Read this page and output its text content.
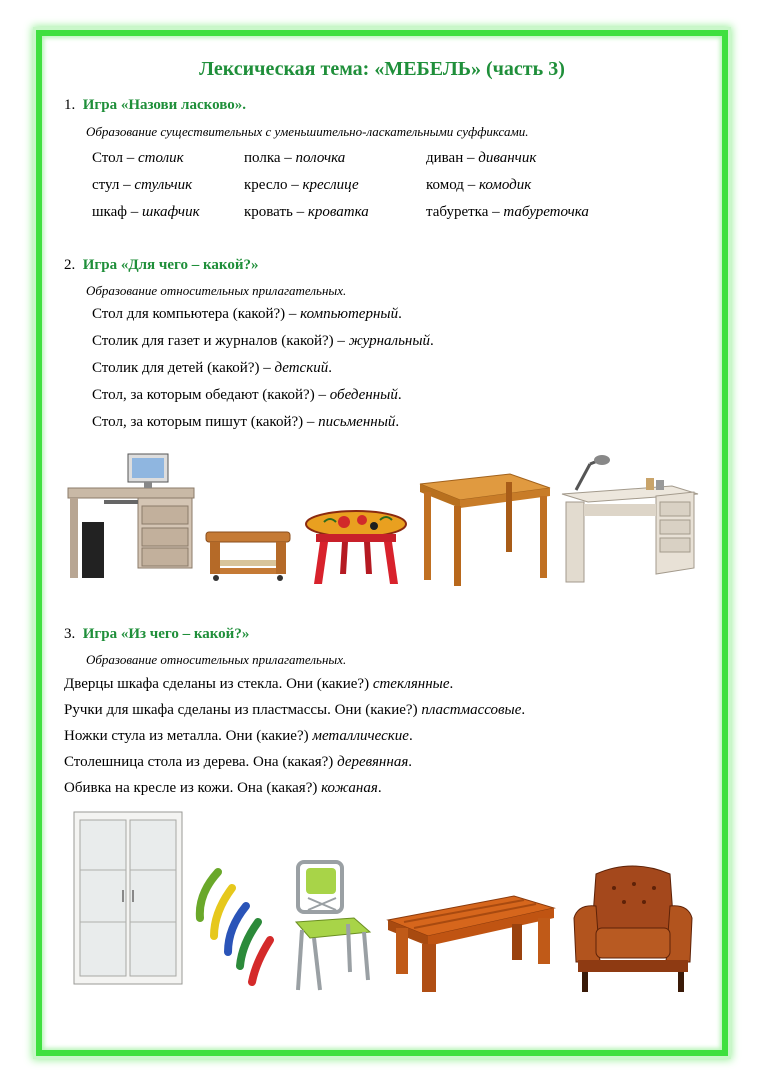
Лексическая тема: «МЕБЕЛЬ» (часть 3)
1. Игра «Назови ласково».
Образование существительных с уменьшительно-ласкательными суффиксами.
Стол – столик	полка – полочка	диван – диванчик
стул – стульчик	кресло – креслице	комод – комодик
шкаф – шкафчик	кровать – кроватка	табуретка – табуреточка
2. Игра «Для чего – какой?»
Образование относительных прилагательных.
Стол для компьютера (какой?) – компьютерный.
Столик для газет и журналов (какой?) – журнальный.
Столик для детей (какой?) – детский.
Стол, за которым обедают (какой?) – обеденный.
Стол, за которым пишут (какой?) – письменный.
3. Игра «Из чего – какой?»
Образование относительных прилагательных.
Дверцы шкафа сделаны из стекла. Они (какие?) стеклянные.
Ручки для шкафа сделаны из пластмассы. Они (какие?) пластмассовые.
Ножки стула из металла. Они (какие?) металлические.
Столешница стола из дерева. Она (какая?) деревянная.
Обивка на кресле из кожи. Она (какая?) кожаная.
